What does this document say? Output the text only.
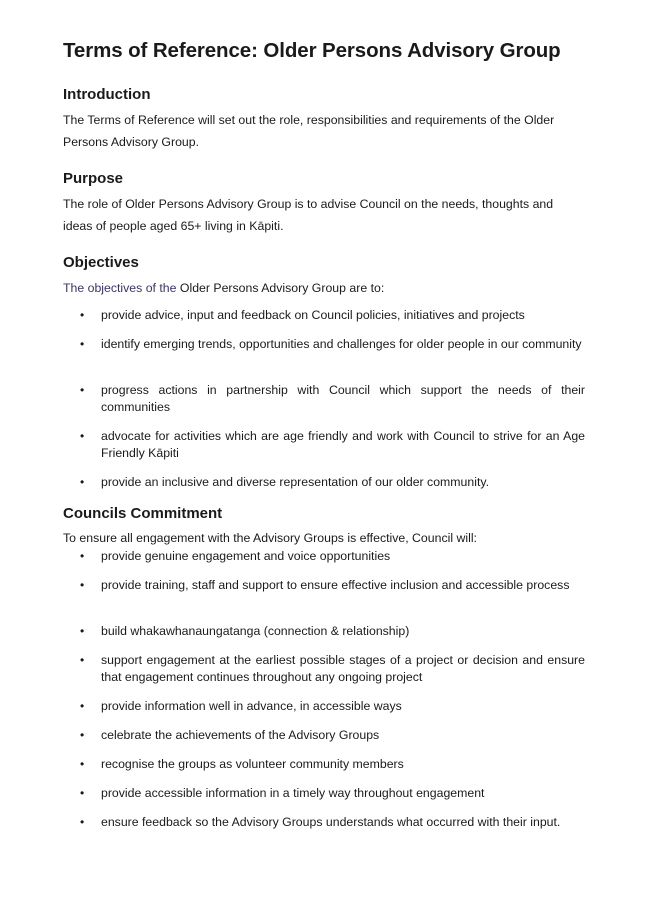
Terms of Reference: Older Persons Advisory Group
Introduction

The Terms of Reference will set out the role, responsibilities and requirements of the Older Persons Advisory Group.

Purpose

The role of Older Persons Advisory Group is to advise Council on the needs, thoughts and ideas of people aged 65+ living in Kāpiti.

Objectives

The objectives of the Older Persons Advisory Group are to:

• provide advice, input and feedback on Council policies, initiatives and projects
• identify emerging trends, opportunities and challenges for older people in our community
• progress actions in partnership with Council which support the needs of their communities
• advocate for activities which are age friendly and work with Council to strive for an Age Friendly Kāpiti
• provide an inclusive and diverse representation of our older community.
Councils Commitment

To ensure all engagement with the Advisory Groups is effective, Council will:

• provide genuine engagement and voice opportunities
• provide training, staff and support to ensure effective inclusion and accessible process
• build whakawhanaungatanga (connection & relationship)
• support engagement at the earliest possible stages of a project or decision and ensure that engagement continues throughout any ongoing project
• provide information well in advance, in accessible ways
• celebrate the achievements of the Advisory Groups
• recognise the groups as volunteer community members
• provide accessible information in a timely way throughout engagement
• ensure feedback so the Advisory Groups understands what occurred with their input.
